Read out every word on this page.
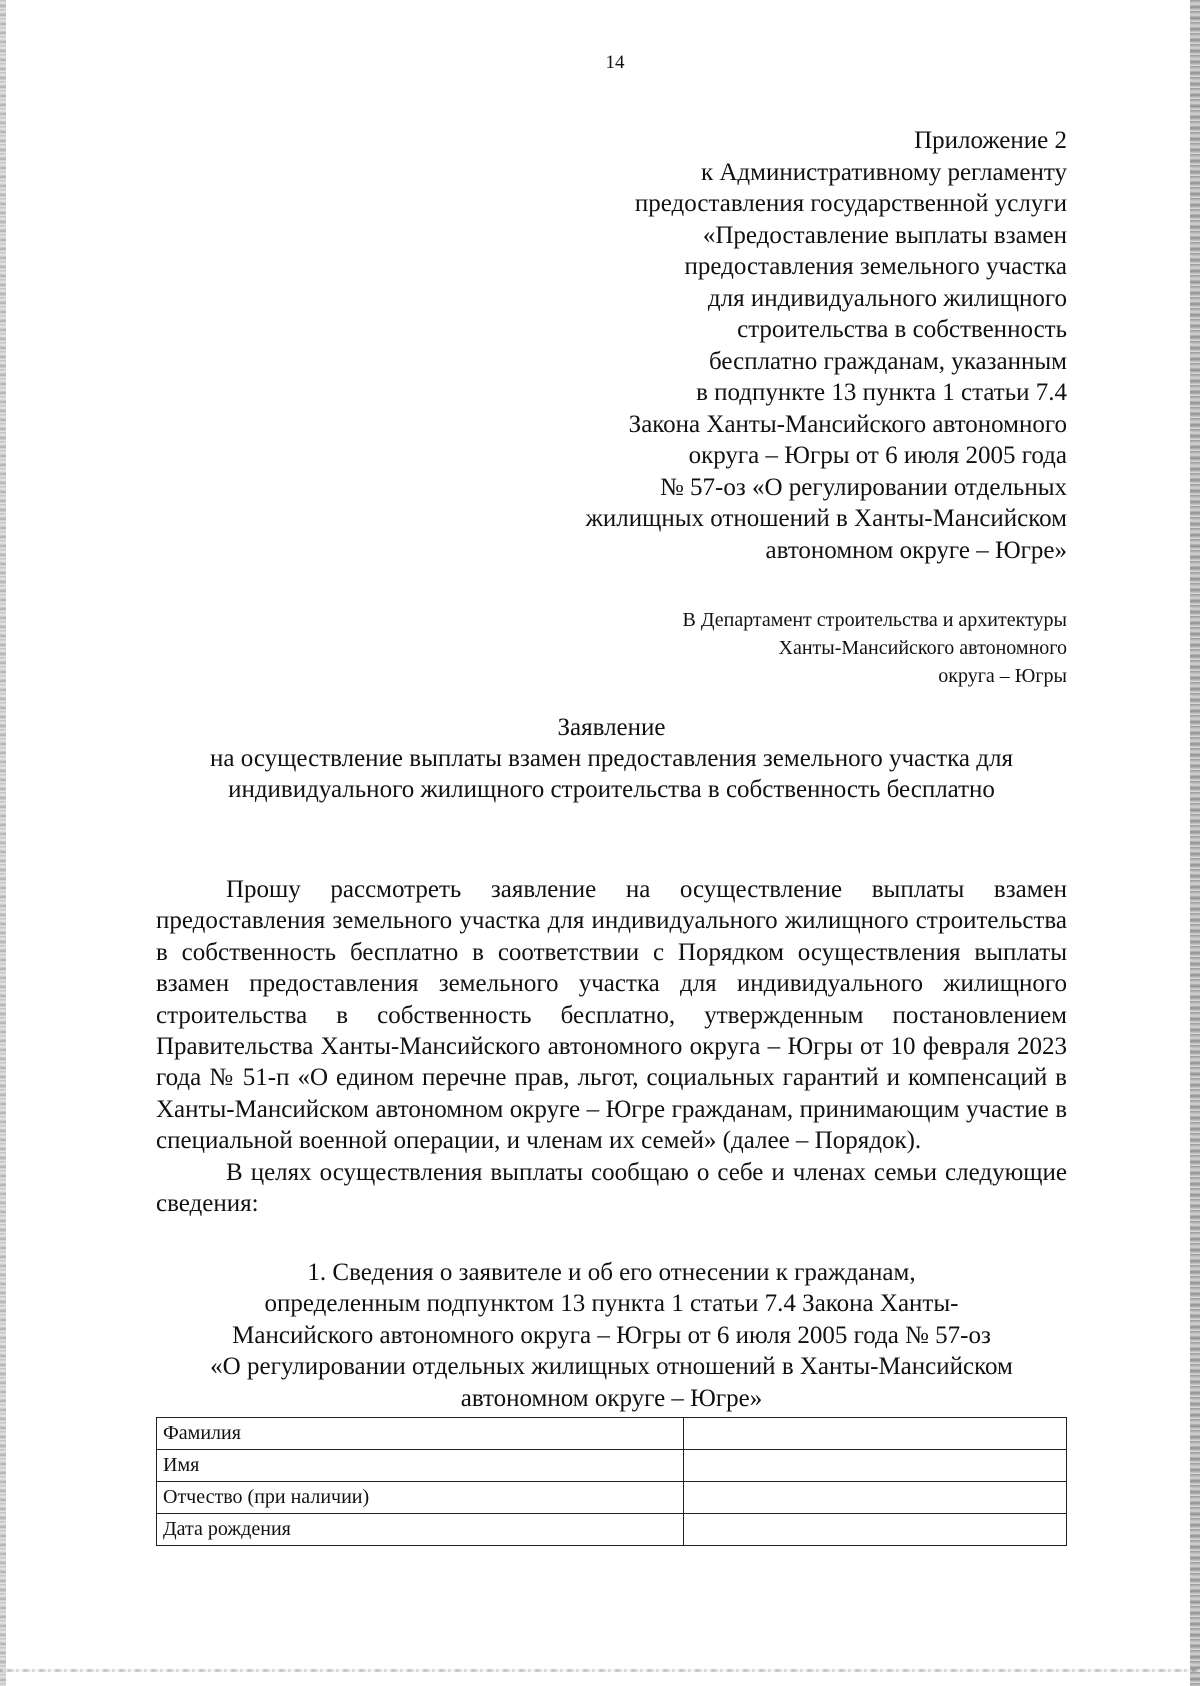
14
Приложение 2
к Административному регламенту
предоставления государственной услуги
«Предоставление выплаты взамен
предоставления земельного участка
для индивидуального жилищного
строительства в собственность
бесплатно гражданам, указанным
в подпункте 13 пункта 1 статьи 7.4
Закона Ханты-Мансийского автономного
округа – Югры от 6 июля 2005 года
№ 57-оз «О регулировании отдельных
жилищных отношений в Ханты-Мансийском
автономном округе – Югре»
В Департамент строительства и архитектуры
Ханты-Мансийского автономного
округа – Югры
Заявление
на осуществление выплаты взамен предоставления земельного участка для
индивидуального жилищного строительства в собственность бесплатно

Прошу рассмотреть заявление на осуществление выплаты взамен предоставления земельного участка для индивидуального жилищного строительства в собственность бесплатно в соответствии с Порядком осуществления выплаты взамен предоставления земельного участка для индивидуального жилищного строительства в собственность бесплатно, утвержденным постановлением Правительства Ханты-Мансийского автономного округа – Югры от 10 февраля 2023 года № 51-п «О едином перечне прав, льгот, социальных гарантий и компенсаций в Ханты-Мансийском автономном округе – Югре гражданам, принимающим участие в специальной военной операции, и членам их семей» (далее – Порядок).

В целях осуществления выплаты сообщаю о себе и членах семьи следующие сведения:

1. Сведения о заявителе и об его отнесении к гражданам,
определенным подпунктом 13 пункта 1 статьи 7.4 Закона Ханты-
Мансийского автономного округа – Югры от 6 июля 2005 года № 57-оз
«О регулировании отдельных жилищных отношений в Ханты-Мансийском
автономном округе – Югре»
Фамилия	
Имя	
Отчество (при наличии)	
Дата рождения	
